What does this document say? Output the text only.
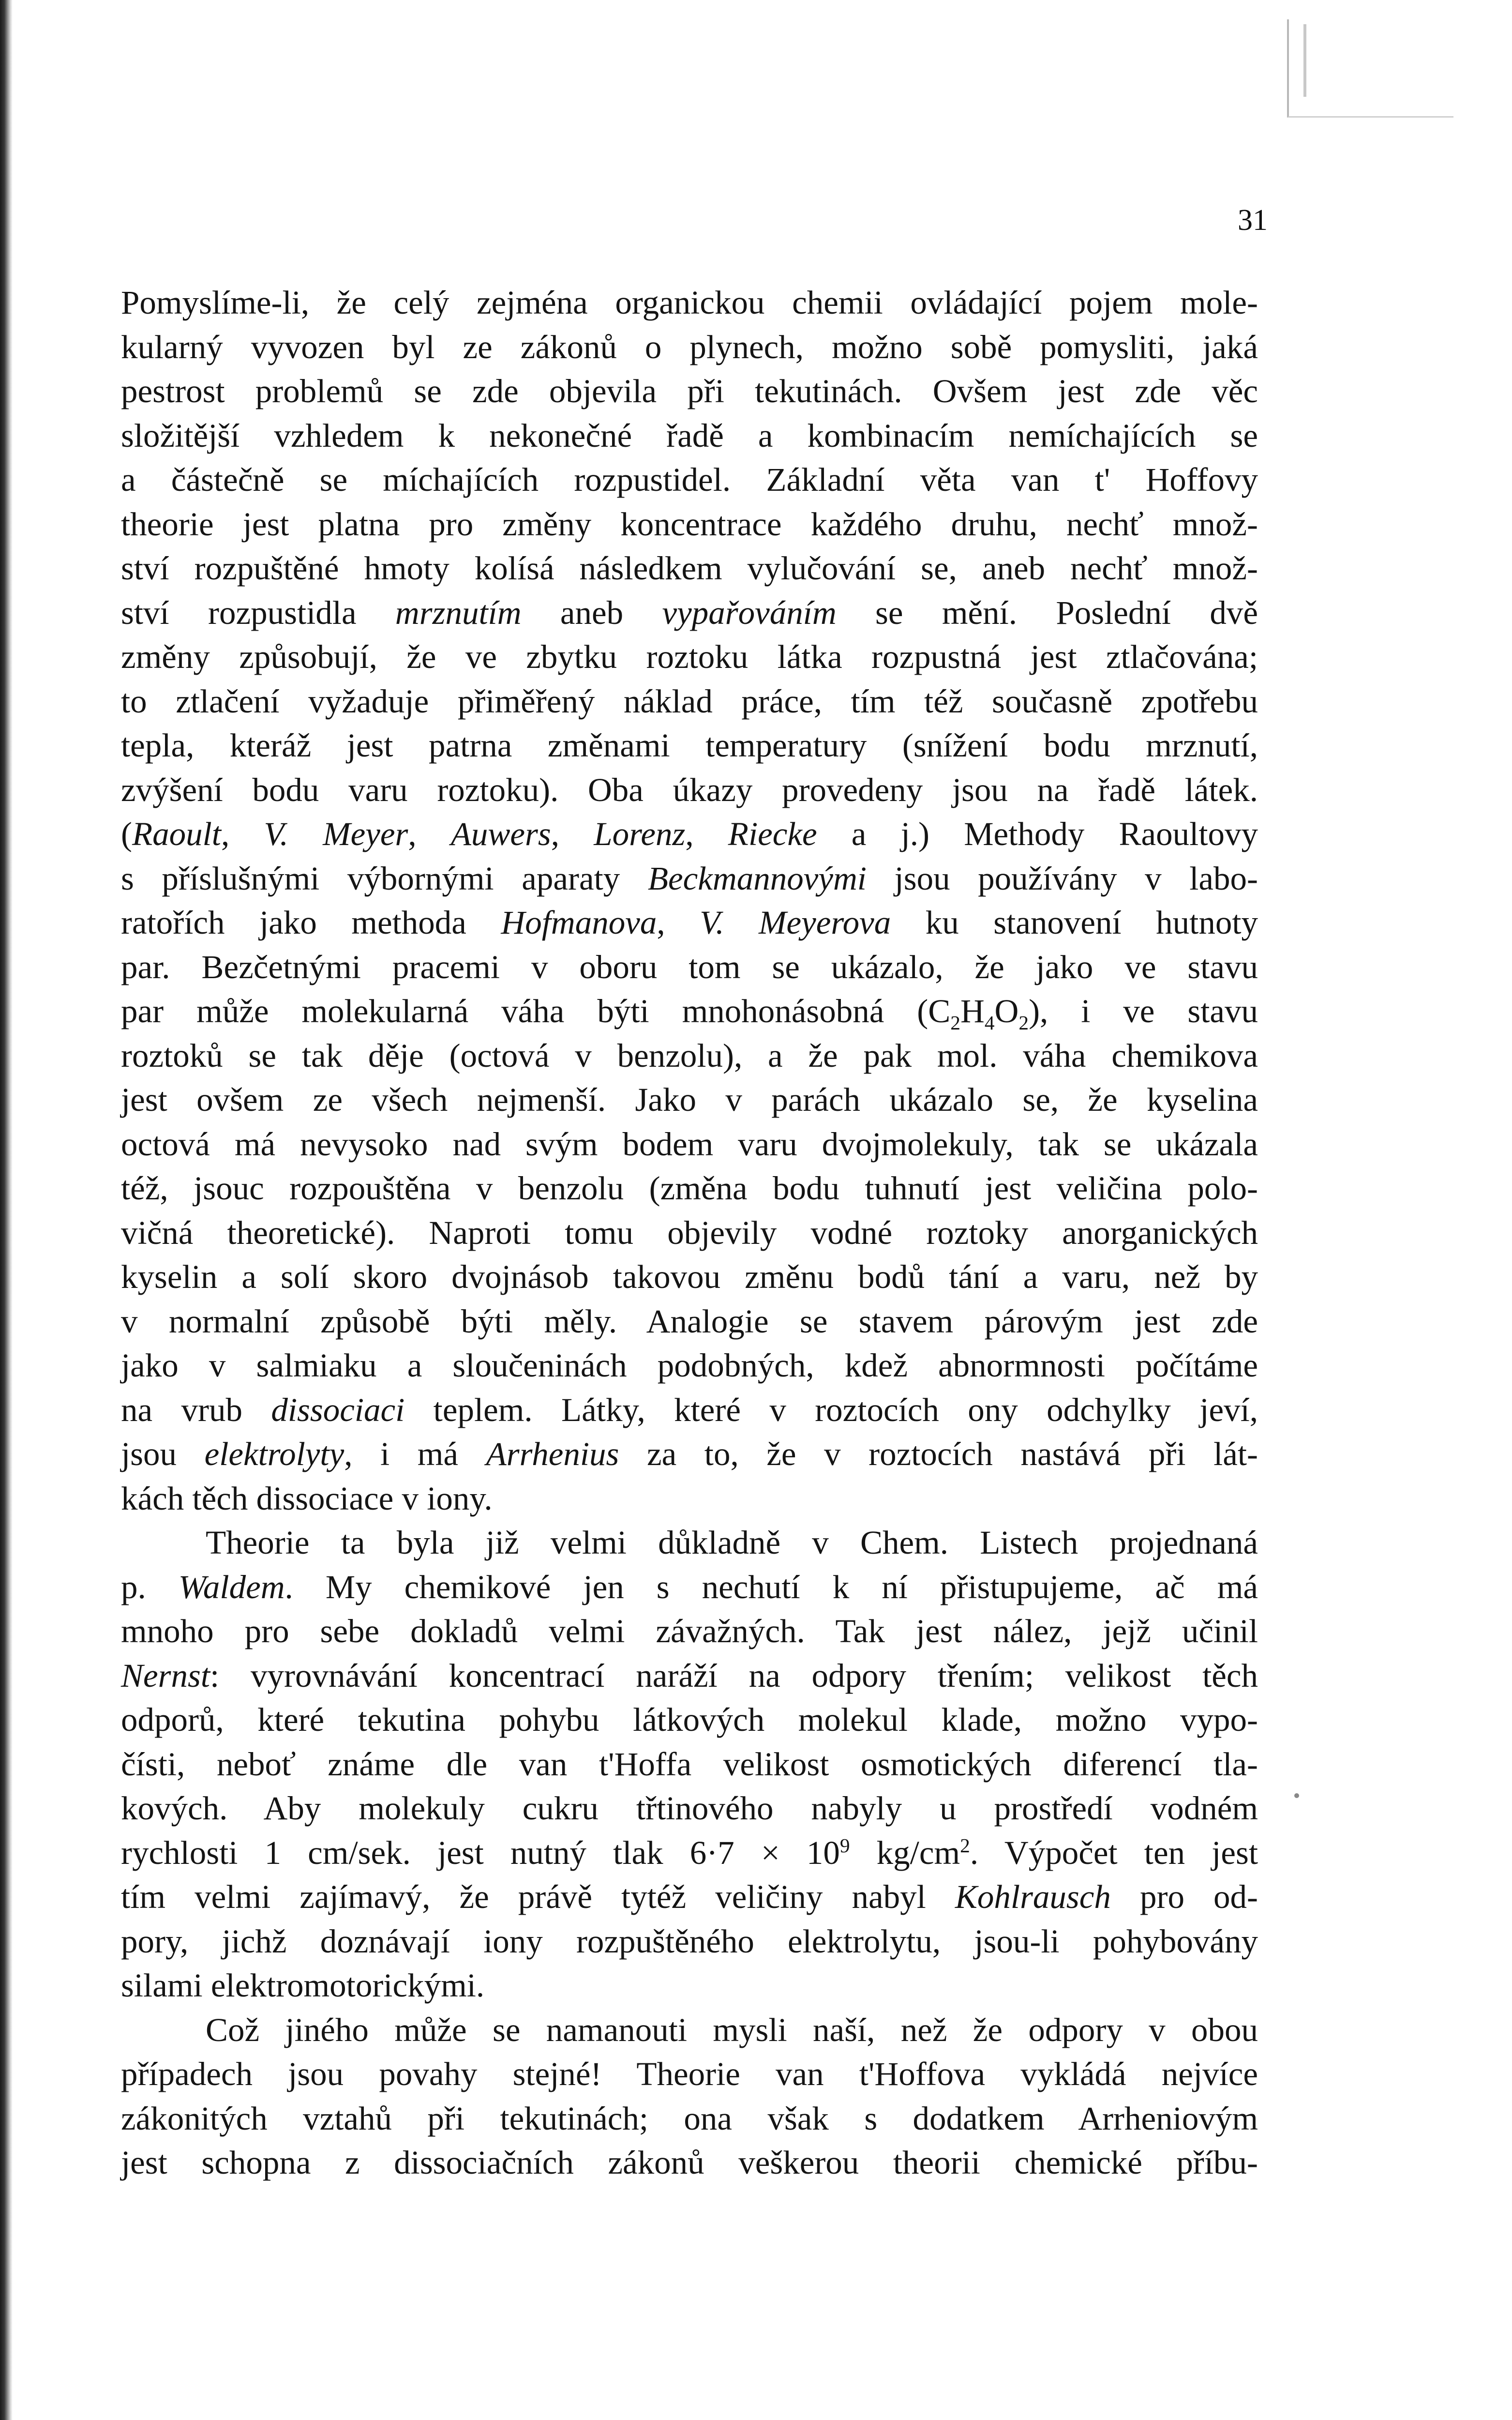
31
Pomyslíme-li, že celý zejména organickou chemii ovládající pojem mole-
kularný vyvozen byl ze zákonů o plynech, možno sobě pomysliti, jaká
pestrost problemů se zde objevila při tekutinách. Ovšem jest zde věc
složitější vzhledem k nekonečné řadě a kombinacím nemíchajících se
a částečně se míchajících rozpustidel. Základní věta van t' Hoffovy
theorie jest platna pro změny koncentrace každého druhu, nechť množ-
ství rozpuštěné hmoty kolísá následkem vylučování se, aneb nechť množ-
ství rozpustidla mrznutím aneb vypařováním se mění. Poslední dvě
změny způsobují, že ve zbytku roztoku látka rozpustná jest ztlačována;
to ztlačení vyžaduje přiměřený náklad práce, tím též současně zpotřebu
tepla, kteráž jest patrna změnami temperatury (snížení bodu mrznutí,
zvýšení bodu varu roztoku). Oba úkazy provedeny jsou na řadě látek.
(Raoult, V. Meyer, Auwers, Lorenz, Riecke a j.) Methody Raoultovy
s příslušnými výbornými aparaty Beckmannovými jsou používány v labo-
ratořích jako methoda Hofmanova, V. Meyerova ku stanovení hutnoty
par. Bezčetnými pracemi v oboru tom se ukázalo, že jako ve stavu
par může molekularná váha býti mnohonásobná $(C_2H_4O_2)$, i ve stavu
roztoků se tak děje (octová v benzolu), a že pak mol. váha chemikova
jest ovšem ze všech nejmenší. Jako v parách ukázalo se, že kyselina
octová má nevysoko nad svým bodem varu dvojmolekuly, tak se ukázala
též, jsouc rozpouštěna v benzolu (změna bodu tuhnutí jest veličina polo-
vičná theoretické). Naproti tomu objevily vodné roztoky anorganických
kyselin a solí skoro dvojnásob takovou změnu bodů tání a varu, než by
v normalní způsobě býti měly. Analogie se stavem párovým jest zde
jako v salmiaku a sloučeninách podobných, kdež abnormnosti počítáme
na vrub dissociaci teplem. Látky, které v roztocích ony odchylky jeví,
jsou elektrolyty, i má Arrhenius za to, že v roztocích nastává při lát-
kách těch dissociace v iony.
Theorie ta byla již velmi důkladně v Chem. Listech projednaná
p. Waldem. My chemikové jen s nechutí k ní přistupujeme, ač má
mnoho pro sebe dokladů velmi závažných. Tak jest nález, jejž učinil
Nernst: vyrovnávání koncentrací naráží na odpory třením; velikost těch
odporů, které tekutina pohybu látkových molekul klade, možno vypo-
čísti, neboť známe dle van t'Hoffa velikost osmotických diferencí tla-
kových. Aby molekuly cukru třtinového nabyly u prostředí vodném
rychlosti 1 cm/sek. jest nutný tlak $6\cdot 7 \times 10^9$ $kg/cm^2$. Výpočet ten jest
tím velmi zajímavý, že právě tytéž veličiny nabyl Kohlrausch pro od-
pory, jichž doznávají iony rozpuštěného elektrolytu, jsou-li pohybovány
silami elektromotorickými.
Což jiného může se namanouti mysli naší, než že odpory v obou
případech jsou povahy stejné! Theorie van t'Hoffova vykládá nejvíce
zákonitých vztahů při tekutinách; ona však s dodatkem Arrheniovým
jest schopna z dissociačních zákonů veškerou theorii chemické příbu-
